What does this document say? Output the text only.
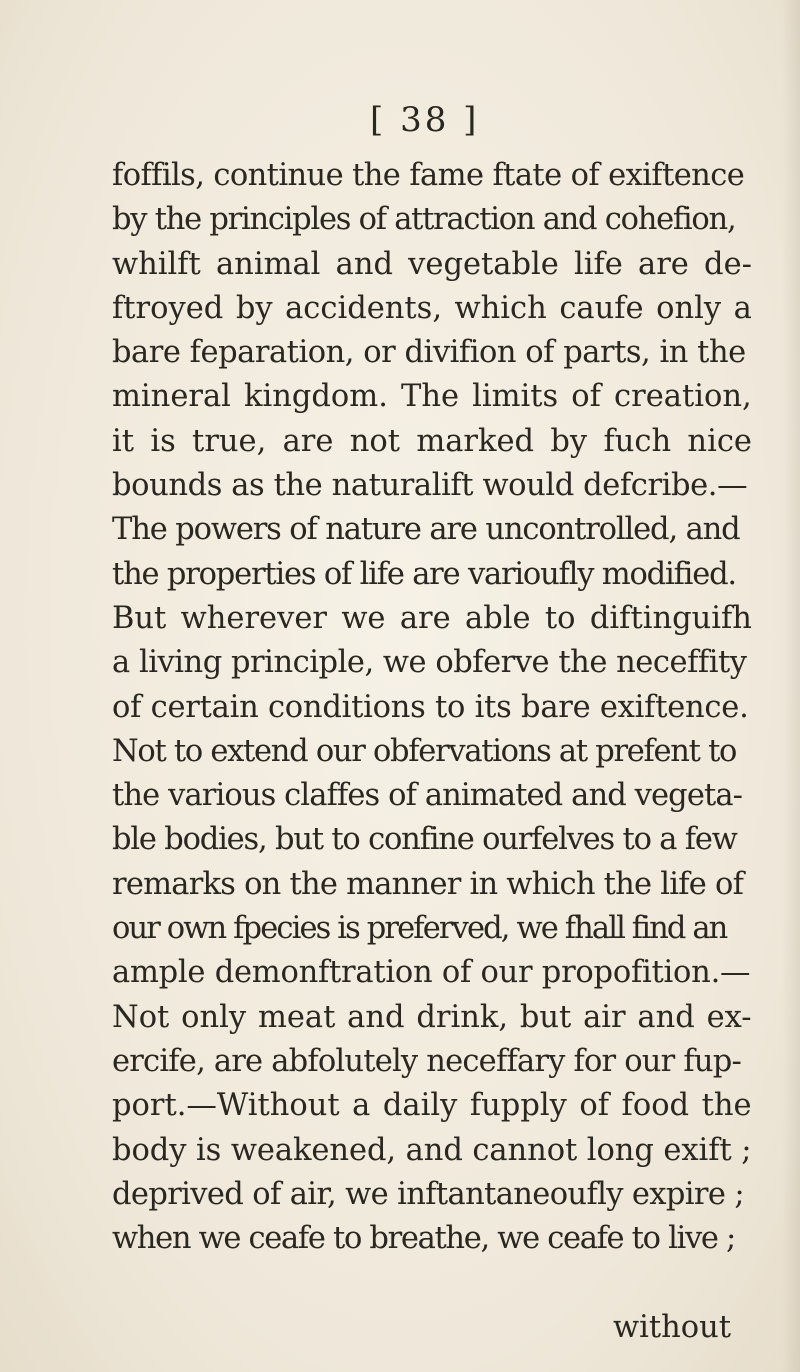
[ 38 ]
foffils, continue the fame ftate of exiftence
by the principles of attraction and cohefion,
whilft animal and vegetable life are de-
ftroyed by accidents, which caufe only a
bare feparation, or divifion of parts, in the
mineral kingdom. The limits of creation,
it is true, are not marked by fuch nice
bounds as the naturalift would defcribe.—
The powers of nature are uncontrolled, and
the properties of life are varioufly modified.
But wherever we are able to diftinguifh
a living principle, we obferve the neceffity
of certain conditions to its bare exiftence.
Not to extend our obfervations at prefent to
the various claffes of animated and vegeta-
ble bodies, but to confine ourfelves to a few
remarks on the manner in which the life of
our own fpecies is preferved, we fhall find an
ample demonftration of our propofition.—
Not only meat and drink, but air and ex-
ercife, are abfolutely neceffary for our fup-
port.—Without a daily fupply of food the
body is weakened, and cannot long exift ;
deprived of air, we inftantaneoufly expire ;
when we ceafe to breathe, we ceafe to live ;
without
